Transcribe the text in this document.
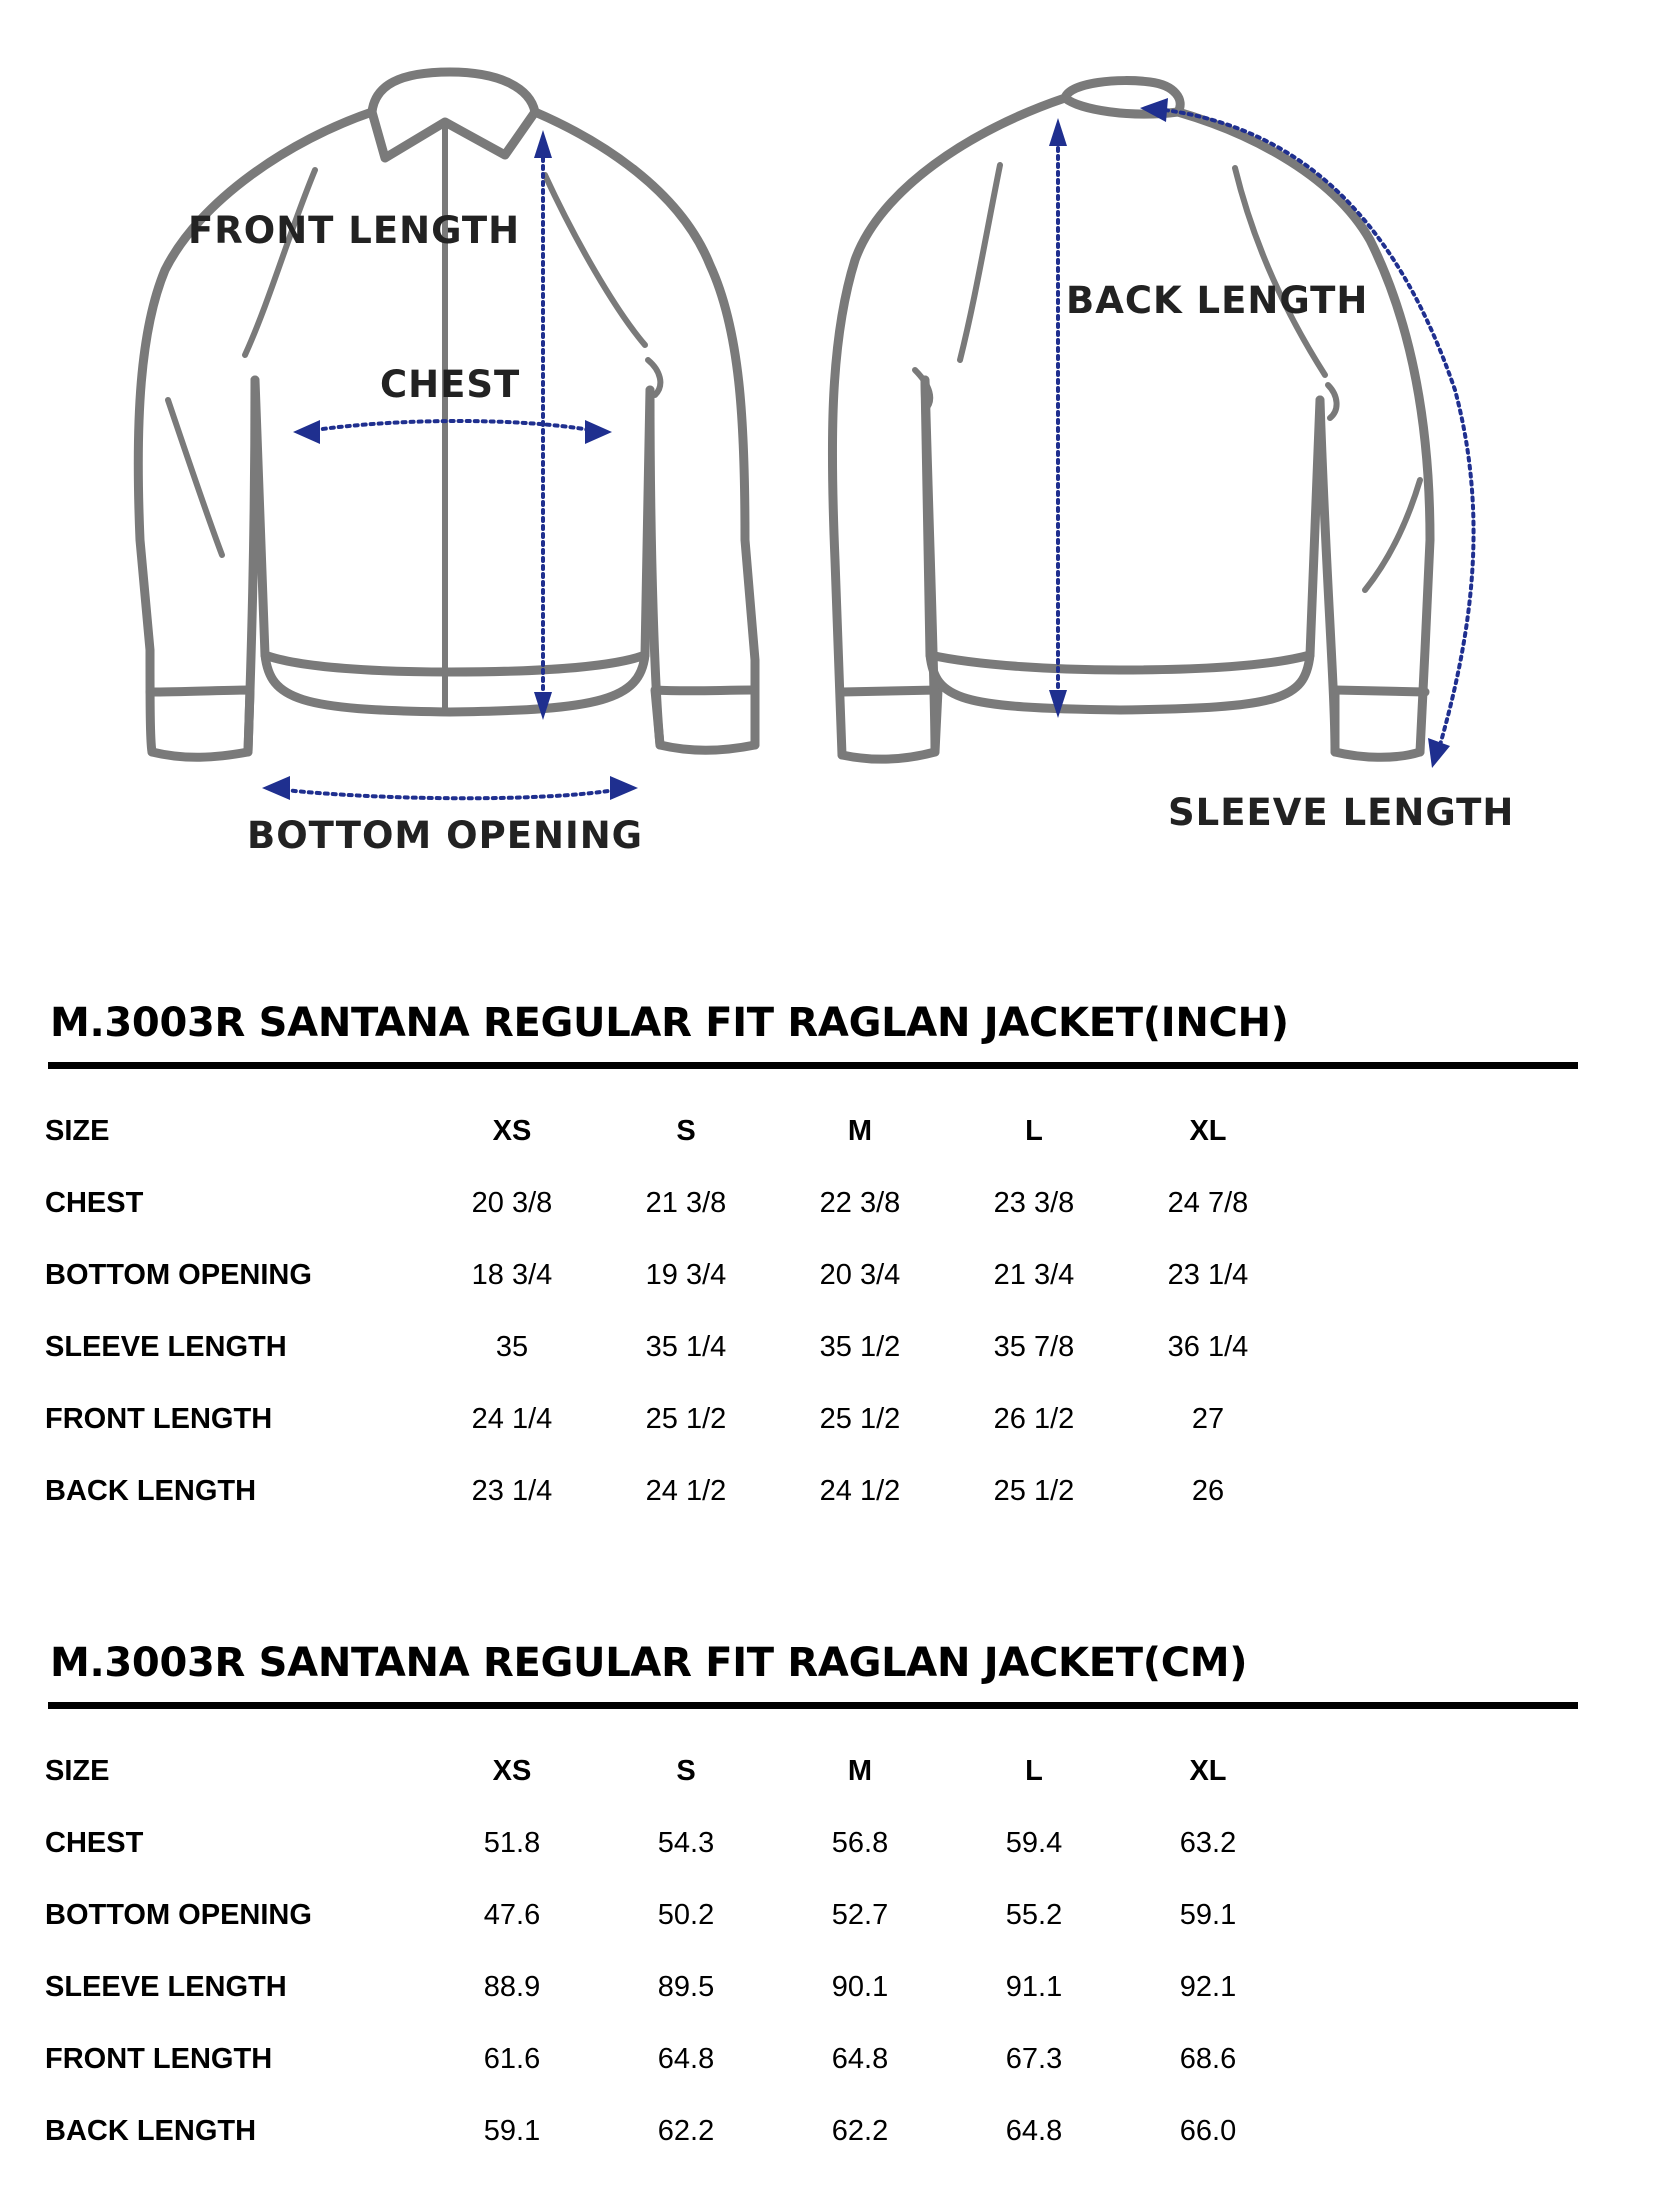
FRONT LENGTH
CHEST
BOTTOM OPENING
BACK LENGTH
SLEEVE LENGTH
M.3003R SANTANA REGULAR FIT RAGLAN JACKET(INCH)
SIZE	XS	S	M	L	XL
CHEST	20 3/8	21 3/8	22 3/8	23 3/8	24 7/8
BOTTOM OPENING	18 3/4	19 3/4	20 3/4	21 3/4	23 1/4
SLEEVE LENGTH	35	35 1/4	35 1/2	35 7/8	36 1/4
FRONT LENGTH	24 1/4	25 1/2	25 1/2	26 1/2	27
BACK LENGTH	23 1/4	24 1/2	24 1/2	25 1/2	26
M.3003R SANTANA REGULAR FIT RAGLAN JACKET(CM)
SIZE	XS	S	M	L	XL
CHEST	51.8	54.3	56.8	59.4	63.2
BOTTOM OPENING	47.6	50.2	52.7	55.2	59.1
SLEEVE LENGTH	88.9	89.5	90.1	91.1	92.1
FRONT LENGTH	61.6	64.8	64.8	67.3	68.6
BACK LENGTH	59.1	62.2	62.2	64.8	66.0
